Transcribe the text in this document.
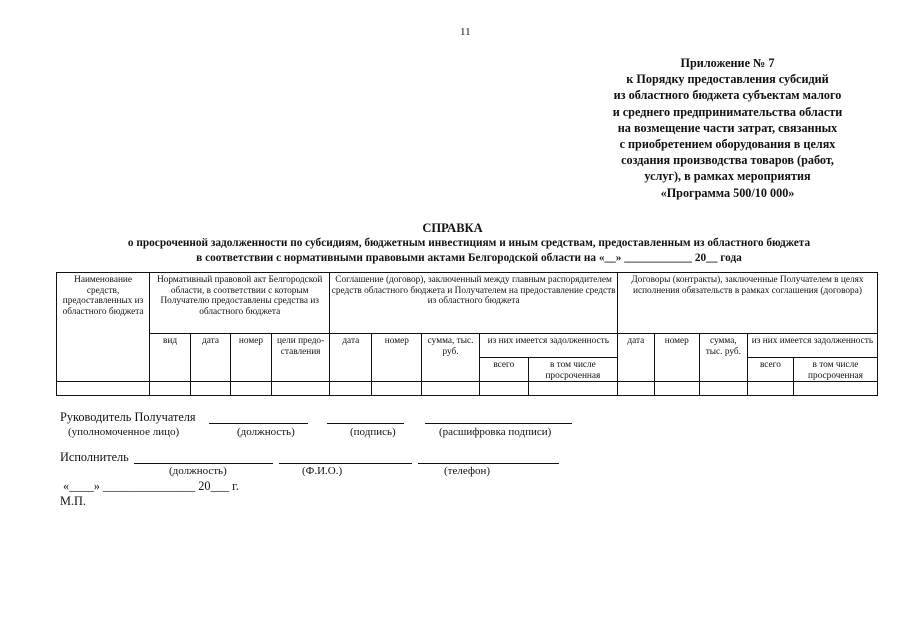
11
Приложение № 7
к Порядку предоставления субсидий
из областного бюджета субъектам малого
и среднего предпринимательства области
на возмещение части затрат, связанных
с приобретением оборудования в целях
создания производства товаров (работ,
услуг), в рамках мероприятия
«Программа 500/10 000»
СПРАВКА
о просроченной задолженности по субсидиям, бюджетным инвестициям и иным средствам, предоставленным из областного бюджета
в соответствии с нормативными правовыми актами Белгородской области на «__» ____________ 20__ года
Наименование средств, предоставленных из областного бюджета	Нормативный правовой акт Белгородской области, в соответствии с которым Получателю предоставлены средства из областного бюджета				Соглашение (договор), заключенный между главным распорядителем средств областного бюджета и Получателем на предоставление средств из областного бюджета					Договоры (контракты), заключенные Получателем в целях исполнения обязательств в рамках соглашения (договора)				
	вид	дата	номер	цели предо-ставления	дата	номер	сумма, тыс. руб.	из них имеется задолженность		дата	номер	сумма, тыс. руб.	из них имеется задолженность	
								всего	в том числе просроченная				всего	в том числе просроченная

Руководитель Получателя
(уполномоченное лицо)	(должность)	(подпись)	(расшифровка подписи)
Исполнитель
(должность)	(Ф.И.О.)	(телефон)
«____» _______________ 20___ г.
М.П.
